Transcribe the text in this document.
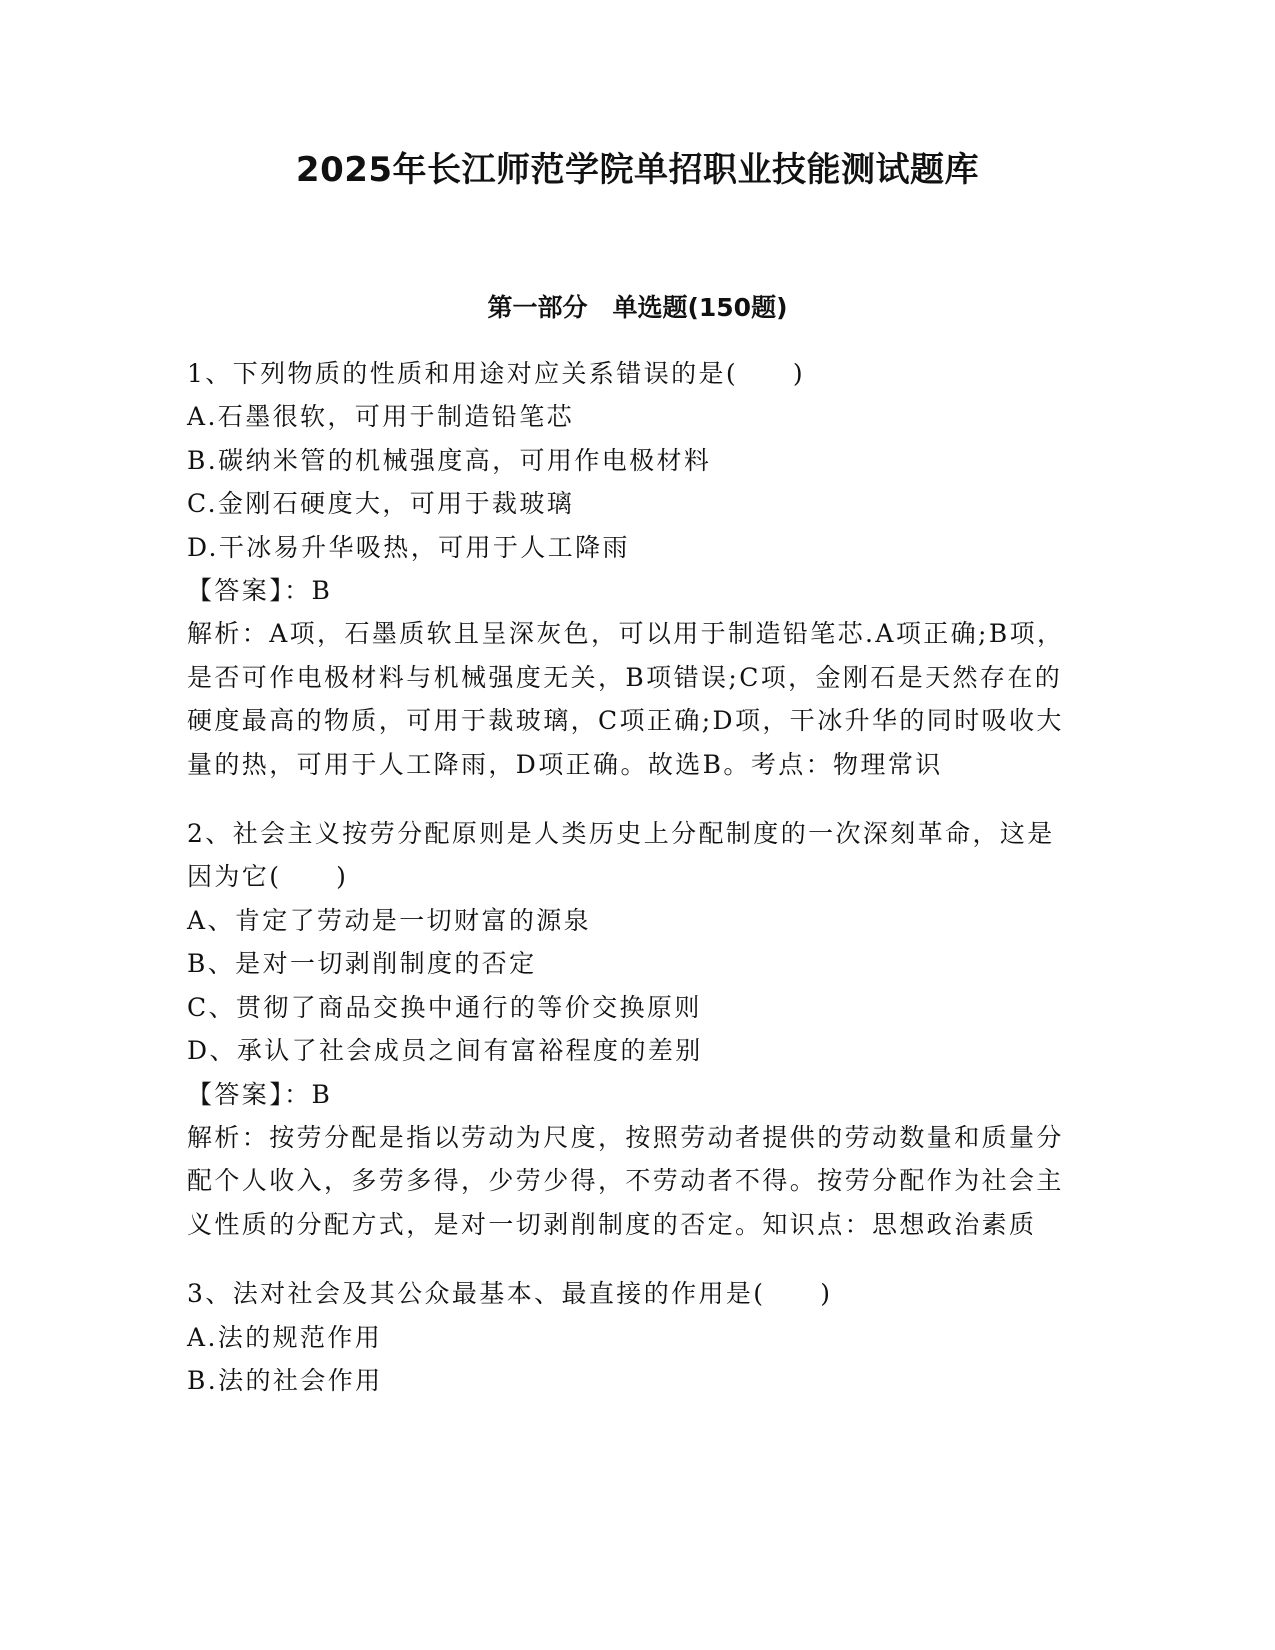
2025年长江师范学院单招职业技能测试题库
第一部分　单选题(150题)
1、下列物质的性质和用途对应关系错误的是(　　)
A.石墨很软，可用于制造铅笔芯
B.碳纳米管的机械强度高，可用作电极材料
C.金刚石硬度大，可用于裁玻璃
D.干冰易升华吸热，可用于人工降雨
【答案】：B
解析：A项，石墨质软且呈深灰色，可以用于制造铅笔芯.A项正确;B项，是否可作电极材料与机械强度无关，B项错误;C项，金刚石是天然存在的硬度最高的物质，可用于裁玻璃，C项正确;D项，干冰升华的同时吸收大量的热，可用于人工降雨，D项正确。故选B。考点：物理常识
2、社会主义按劳分配原则是人类历史上分配制度的一次深刻革命，这是因为它(　　)
A、肯定了劳动是一切财富的源泉
B、是对一切剥削制度的否定
C、贯彻了商品交换中通行的等价交换原则
D、承认了社会成员之间有富裕程度的差别
【答案】：B
解析：按劳分配是指以劳动为尺度，按照劳动者提供的劳动数量和质量分配个人收入，多劳多得，少劳少得，不劳动者不得。按劳分配作为社会主义性质的分配方式，是对一切剥削制度的否定。知识点：思想政治素质
3、法对社会及其公众最基本、最直接的作用是(　　)
A.法的规范作用
B.法的社会作用
